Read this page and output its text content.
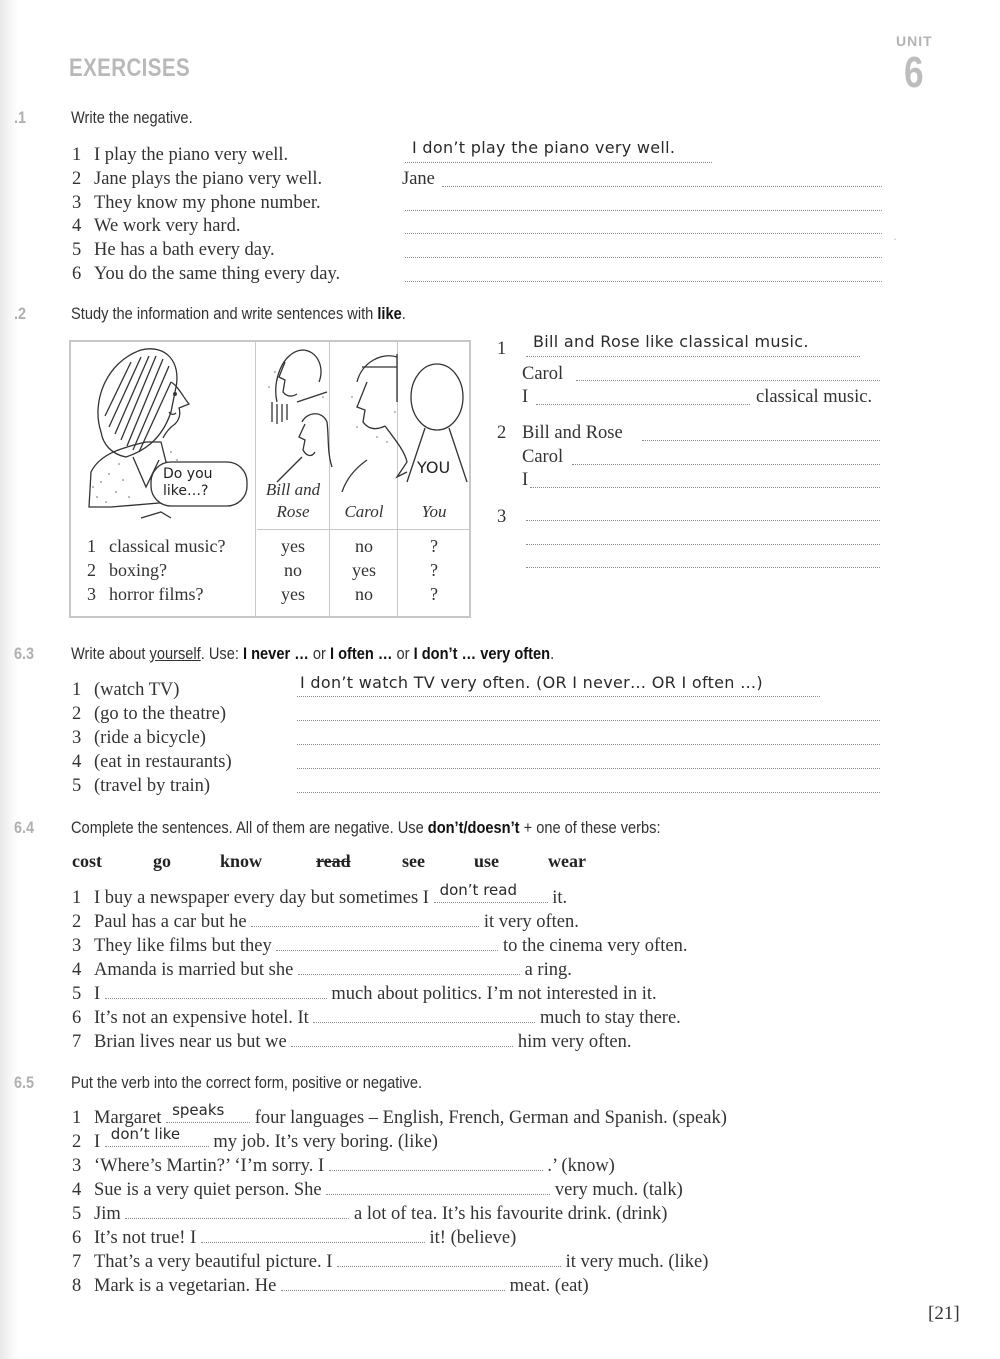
EXERCISES
UNIT
6
.1	Write the negative.
1 I play the piano very well.	I don’t play the piano very well.
2 Jane plays the piano very well.	Jane
3 They know my phone number.
4 We work very hard.
5 He has a bath every day.
6 You do the same thing every day.
.2	Study the information and write sentences with like.
Do you
like…?
YOU
Bill and
Rose	Carol	You
1 classical music?	yes	no	?
2 boxing?	no	yes	?
3 horror films?	yes	no	?
1 Bill and Rose like classical music.
Carol
I	classical music.
2 Bill and Rose
Carol
I
3
6.3 Write about yourself. Use: I never … or I often … or I don’t … very often.
1 (watch TV)	I don’t watch TV very often. (OR I never… OR I often …)
2 (go to the theatre)
3 (ride a bicycle)
4 (eat in restaurants)
5 (travel by train)
6.4 Complete the sentences. All of them are negative. Use don’t/doesn’t + one of these verbs:
cost	go	know	read	see	use	wear
1 I buy a newspaper every day but sometimes I don’t read it.
2 Paul has a car but he	it very often.
3 They like films but they	to the cinema very often.
4 Amanda is married but she	a ring.
5 I	much about politics. I’m not interested in it.
6 It’s not an expensive hotel. It	much to stay there.
7 Brian lives near us but we	him very often.
6.5 Put the verb into the correct form, positive or negative.
1 Margaret speaks four languages – English, French, German and Spanish. (speak)
2 I don’t like my job. It’s very boring. (like)
3 ‘Where’s Martin?’ ‘I’m sorry. I	.’ (know)
4 Sue is a very quiet person. She	very much. (talk)
5 Jim	a lot of tea. It’s his favourite drink. (drink)
6 It’s not true! I	it! (believe)
7 That’s a very beautiful picture. I	it very much. (like)
8 Mark is a vegetarian. He	meat. (eat)
[21]
·
